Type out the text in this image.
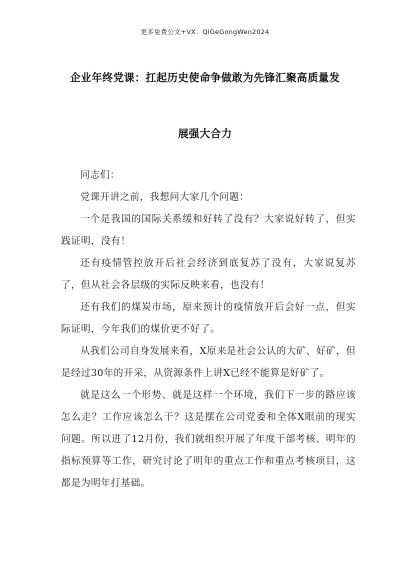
更多免费公文+VX：QiGeGongWen2024
企业年终党课：扛起历史使命争做敢为先锋汇聚高质量发
展强大合力

同志们：

党课开讲之前，我想问大家几个问题：

一个是我国的国际关系缓和好转了没有？大家说好转了，但实践证明，没有！

还有疫情管控放开后社会经济到底复苏了没有，大家说复苏了，但从社会各层级的实际反映来看，也没有！

还有我们的煤炭市场，原来预计的疫情放开后会好一点，但实际证明，今年我们的煤价更不好了。

从我们公司自身发展来看，X原来是社会公认的大矿、好矿，但是经过30年的开采，从资源条件上讲X已经不能算是好矿了。

就是这么一个形势、就是这样一个环境，我们下一步的路应该怎么走？工作应该怎么干？这是摆在公司党委和全体X眼前的现实问题。所以进了12月份，我们就组织开展了年度干部考核、明年的指标预算等工作，研究讨论了明年的重点工作和重点考核项目，这都是为明年打基础。
